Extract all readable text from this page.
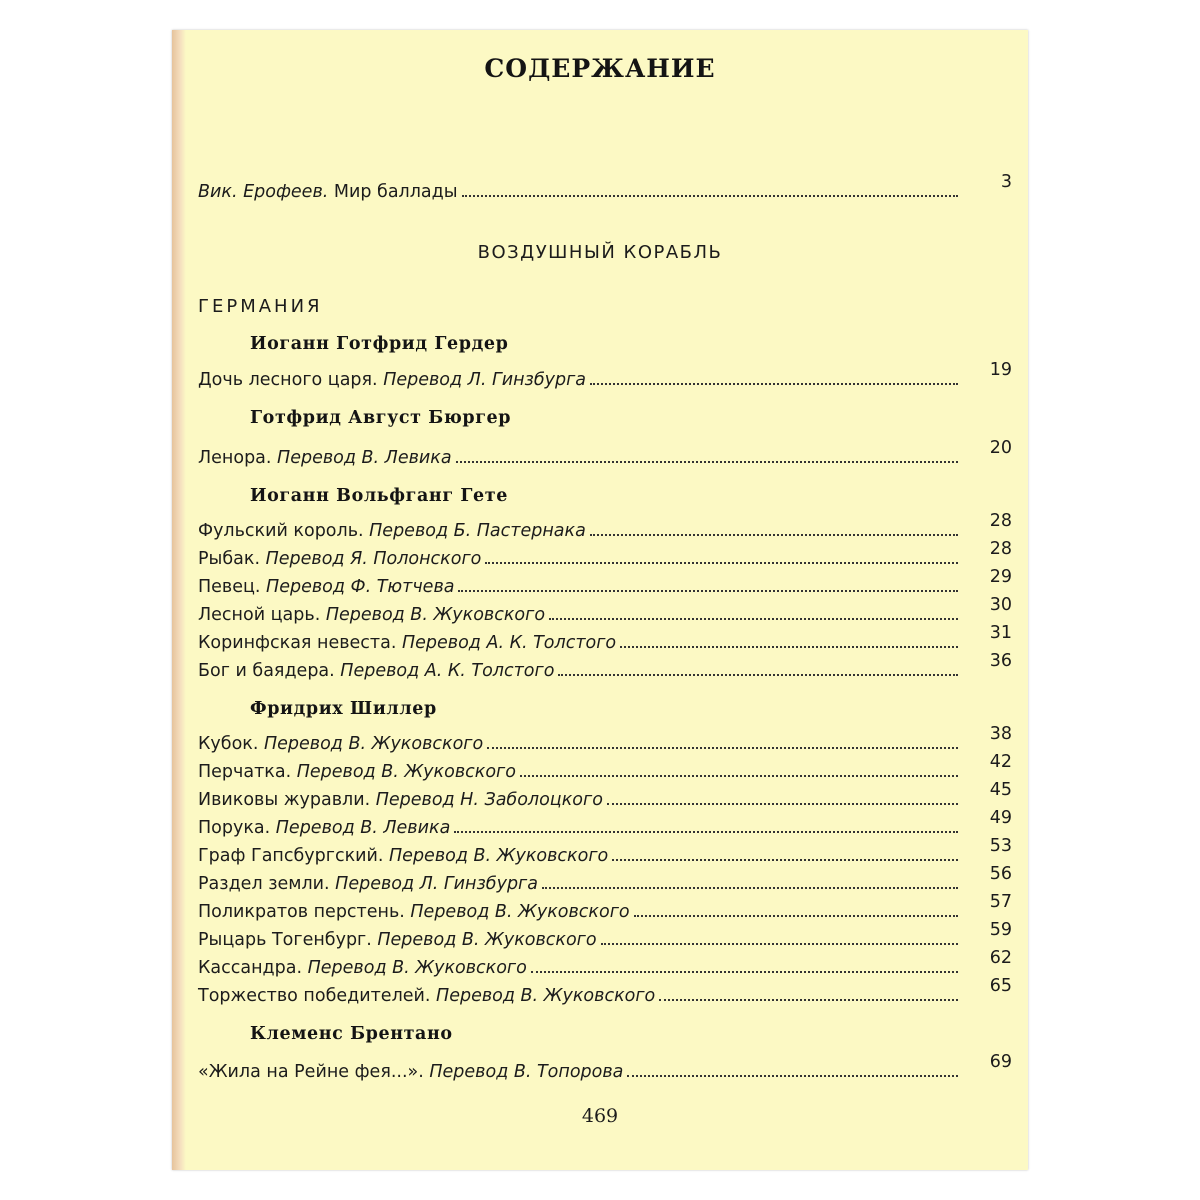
СОДЕРЖАНИЕ
Вик. Ерофеев. Мир баллады	3
ВОЗДУШНЫЙ КОРАБЛЬ
ГЕРМАНИЯ
Иоганн Готфрид Гердер
Дочь лесного царя. Перевод Л. Гинзбурга	19
Готфрид Август Бюргер
Ленора. Перевод В. Левика	20
Иоганн Вольфганг Гете
Фульский король. Перевод Б. Пастернака	28
Рыбак. Перевод Я. Полонского	28
Певец. Перевод Ф. Тютчева	29
Лесной царь. Перевод В. Жуковского	30
Коринфская невеста. Перевод А. К. Толстого	31
Бог и баядера. Перевод А. К. Толстого	36
Фридрих Шиллер
Кубок. Перевод В. Жуковского	38
Перчатка. Перевод В. Жуковского	42
Ивиковы журавли. Перевод Н. Заболоцкого	45
Порука. Перевод В. Левика	49
Граф Гапсбургский. Перевод В. Жуковского	53
Раздел земли. Перевод Л. Гинзбурга	56
Поликратов перстень. Перевод В. Жуковского	57
Рыцарь Тогенбург. Перевод В. Жуковского	59
Кассандра. Перевод В. Жуковского	62
Торжество победителей. Перевод В. Жуковского	65
Клеменс Брентано
«Жила на Рейне фея...». Перевод В. Топорова	69
469
